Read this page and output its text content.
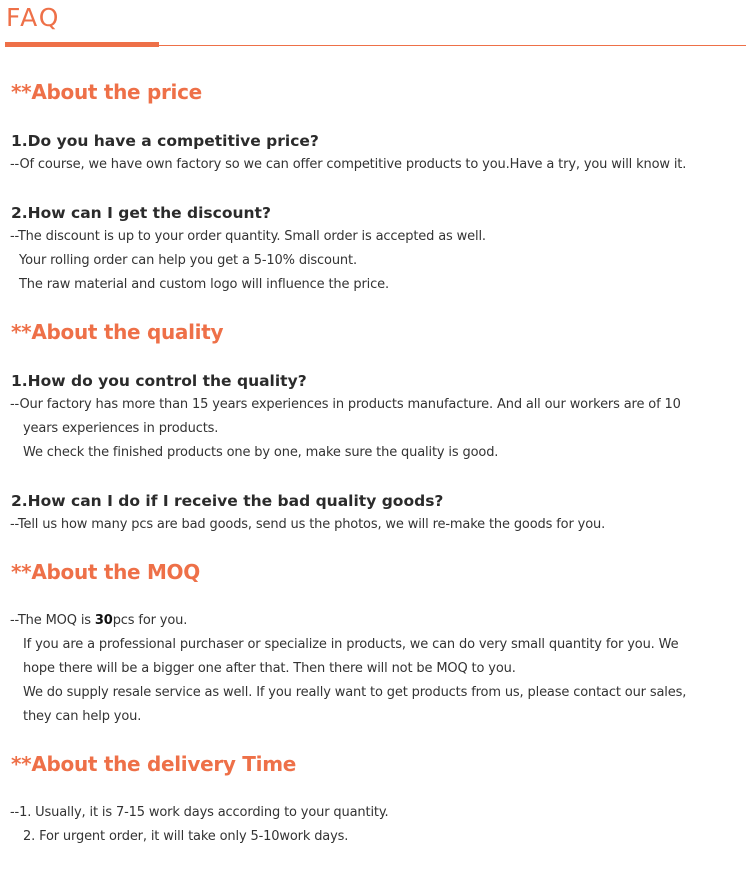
FAQ
**About the price
1.Do you have a competitive price?
--Of course, we have own factory so we can offer competitive products to you.Have a try, you will know it.
2.How can I get the discount?
--The discount is up to your order quantity. Small order is accepted as well.
Your rolling order can help you get a 5-10% discount.
The raw material and custom logo will influence the price.
**About the quality
1.How do you control the quality?
--Our factory has more than 15 years experiences in products manufacture. And all our workers are of 10
years experiences in products.
We check the finished products one by one, make sure the quality is good.
2.How can I do if I receive the bad quality goods?
--Tell us how many pcs are bad goods, send us the photos, we will re-make the goods for you.
**About the MOQ
--The MOQ is 30pcs for you.
If you are a professional purchaser or specialize in products, we can do very small quantity for you. We
hope there will be a bigger one after that. Then there will not be MOQ to you.
We do supply resale service as well. If you really want to get products from us, please contact our sales,
they can help you.
**About the delivery Time
--1. Usually, it is 7-15 work days according to your quantity.
2. For urgent order, it will take only 5-10work days.
